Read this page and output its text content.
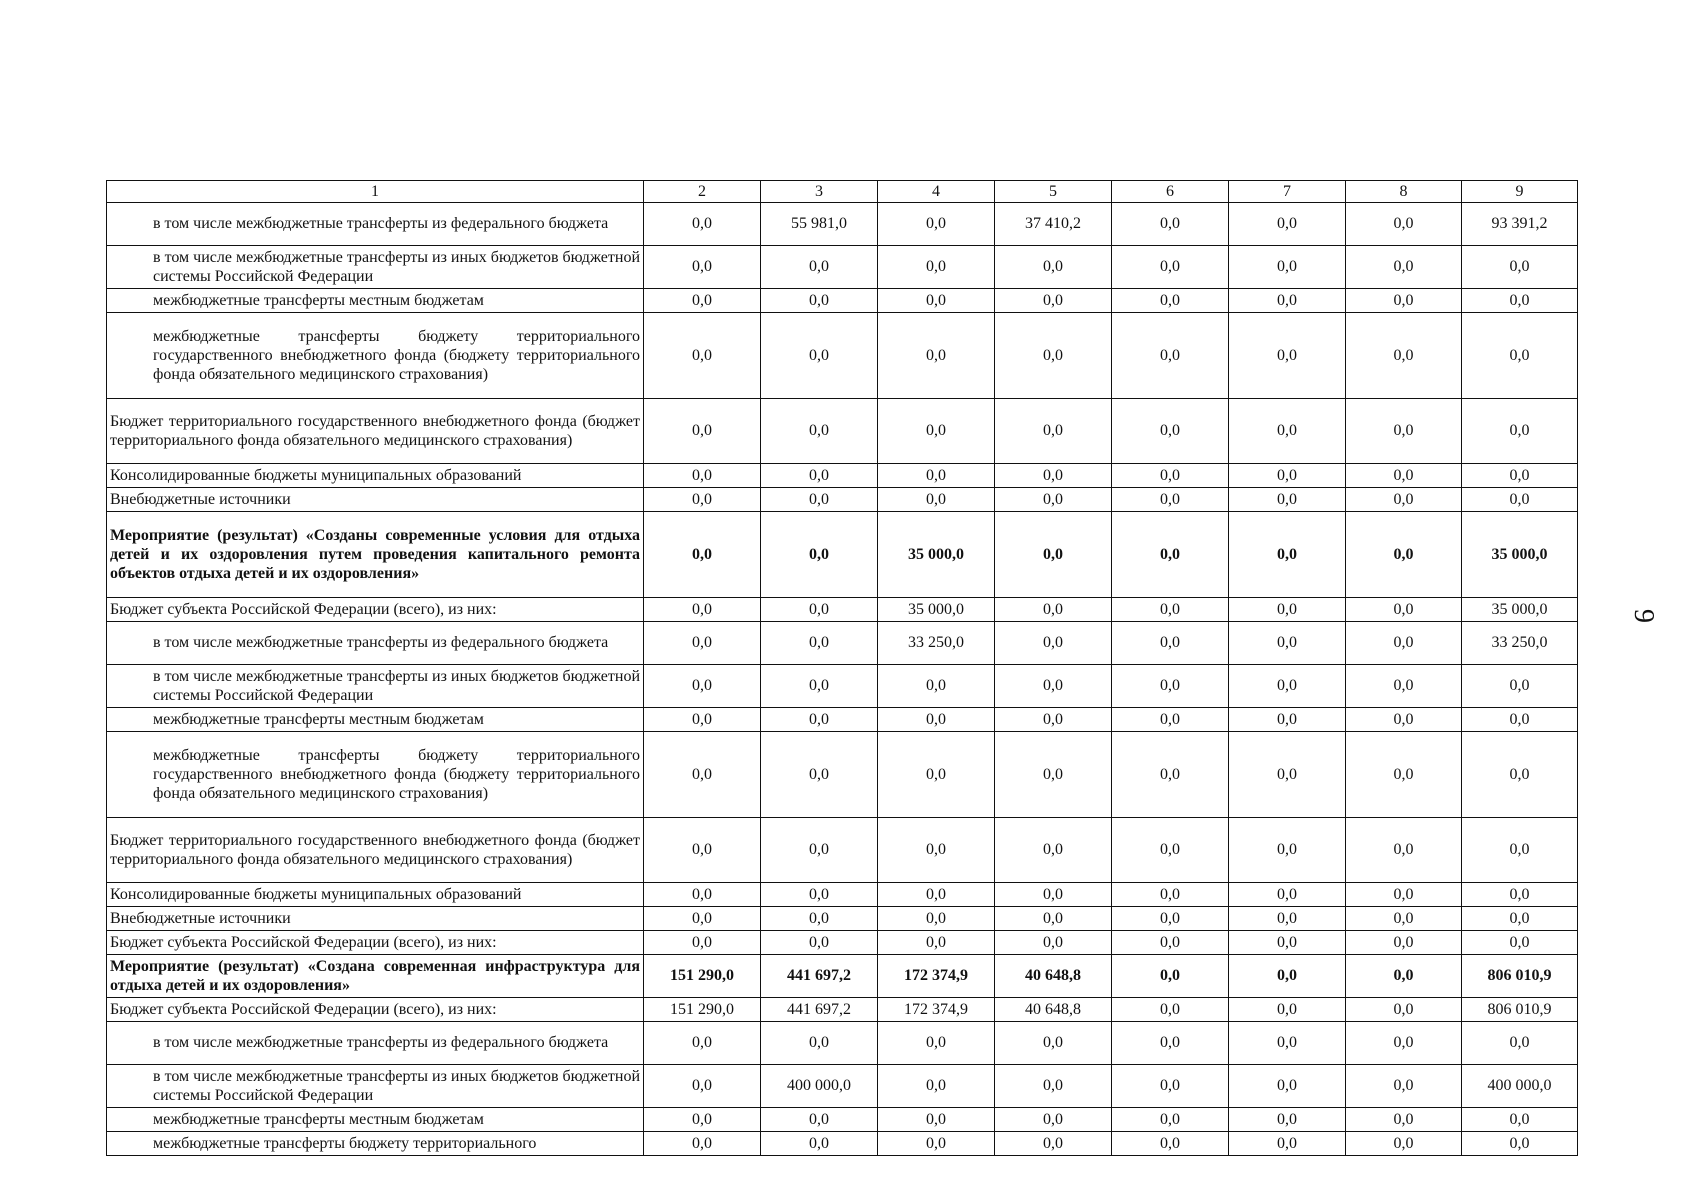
1	2	3	4	5	6	7	8	9
в том числе межбюджетные трансферты из федерального бюджета	0,0	55 981,0	0,0	37 410,2	0,0	0,0	0,0	93 391,2
в том числе межбюджетные трансферты из иных бюджетов бюджетной системы Российской Федерации	0,0	0,0	0,0	0,0	0,0	0,0	0,0	0,0
межбюджетные трансферты местным бюджетам	0,0	0,0	0,0	0,0	0,0	0,0	0,0	0,0
межбюджетные трансферты бюджету территориального государственного внебюджетного фонда (бюджету территориального фонда обязательного медицинского страхования)	0,0	0,0	0,0	0,0	0,0	0,0	0,0	0,0
Бюджет территориального государственного внебюджетного фонда (бюджет территориального фонда обязательного медицинского страхования)	0,0	0,0	0,0	0,0	0,0	0,0	0,0	0,0
Консолидированные бюджеты муниципальных образований	0,0	0,0	0,0	0,0	0,0	0,0	0,0	0,0
Внебюджетные источники	0,0	0,0	0,0	0,0	0,0	0,0	0,0	0,0
Мероприятие (результат) «Созданы современные условия для отдыха детей и их оздоровления путем проведения капитального ремонта объектов отдыха детей и их оздоровления»	0,0	0,0	35 000,0	0,0	0,0	0,0	0,0	35 000,0
Бюджет субъекта Российской Федерации (всего), из них:	0,0	0,0	35 000,0	0,0	0,0	0,0	0,0	35 000,0
в том числе межбюджетные трансферты из федерального бюджета	0,0	0,0	33 250,0	0,0	0,0	0,0	0,0	33 250,0
в том числе межбюджетные трансферты из иных бюджетов бюджетной системы Российской Федерации	0,0	0,0	0,0	0,0	0,0	0,0	0,0	0,0
межбюджетные трансферты местным бюджетам	0,0	0,0	0,0	0,0	0,0	0,0	0,0	0,0
межбюджетные трансферты бюджету территориального государственного внебюджетного фонда (бюджету территориального фонда обязательного медицинского страхования)	0,0	0,0	0,0	0,0	0,0	0,0	0,0	0,0
Бюджет территориального государственного внебюджетного фонда (бюджет территориального фонда обязательного медицинского страхования)	0,0	0,0	0,0	0,0	0,0	0,0	0,0	0,0
Консолидированные бюджеты муниципальных образований	0,0	0,0	0,0	0,0	0,0	0,0	0,0	0,0
Внебюджетные источники	0,0	0,0	0,0	0,0	0,0	0,0	0,0	0,0
Бюджет субъекта Российской Федерации (всего), из них:	0,0	0,0	0,0	0,0	0,0	0,0	0,0	0,0
Мероприятие (результат) «Создана современная инфраструктура для отдыха детей и их оздоровления»	151 290,0	441 697,2	172 374,9	40 648,8	0,0	0,0	0,0	806 010,9
Бюджет субъекта Российской Федерации (всего), из них:	151 290,0	441 697,2	172 374,9	40 648,8	0,0	0,0	0,0	806 010,9
в том числе межбюджетные трансферты из федерального бюджета	0,0	0,0	0,0	0,0	0,0	0,0	0,0	0,0
в том числе межбюджетные трансферты из иных бюджетов бюджетной системы Российской Федерации	0,0	400 000,0	0,0	0,0	0,0	0,0	0,0	400 000,0
межбюджетные трансферты местным бюджетам	0,0	0,0	0,0	0,0	0,0	0,0	0,0	0,0
межбюджетные трансферты бюджету территориального	0,0	0,0	0,0	0,0	0,0	0,0	0,0	0,0
9
